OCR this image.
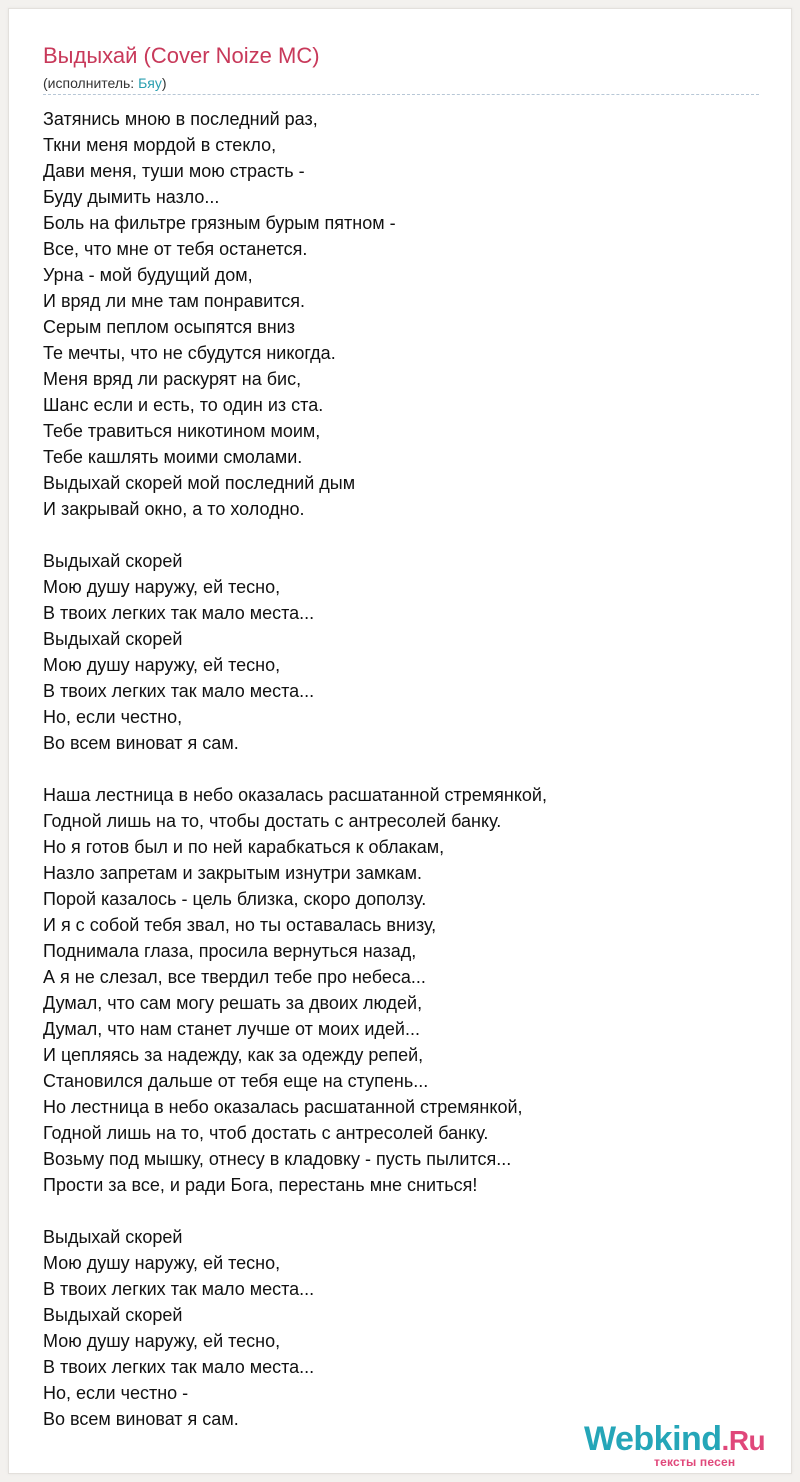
Выдыхай (Cover Noize MC)
(исполнитель: Бяу)
Затянись мною в последний раз,
Ткни меня мордой в стекло,
Дави меня, туши мою страсть -
Буду дымить назло...
Боль на фильтре грязным бурым пятном -
Все, что мне от тебя останется.
Урна - мой будущий дом,
И вряд ли мне там понравится.
Серым пеплом осыпятся вниз
Те мечты, что не сбудутся никогда.
Меня вряд ли раскурят на бис,
Шанс если и есть, то один из ста.
Тебе травиться никотином моим,
Тебе кашлять моими смолами.
Выдыхай скорей мой последний дым
И закрывай окно, а то холодно.
Выдыхай скорей
Мою душу наружу, ей тесно,
В твоих легких так мало места...
Выдыхай скорей
Мою душу наружу, ей тесно,
В твоих легких так мало места...
Но, если честно,
Во всем виноват я сам.
Наша лестница в небо оказалась расшатанной стремянкой,
Годной лишь на то, чтобы достать с антресолей банку.
Но я готов был и по ней карабкаться к облакам,
Назло запретам и закрытым изнутри замкам.
Порой казалось - цель близка, скоро доползу.
И я с собой тебя звал, но ты оставалась внизу,
Поднимала глаза, просила вернуться назад,
А я не слезал, все твердил тебе про небеса...
Думал, что сам могу решать за двоих людей,
Думал, что нам станет лучше от моих идей...
И цепляясь за надежду, как за одежду репей,
Становился дальше от тебя еще на ступень...
Но лестница в небо оказалась расшатанной стремянкой,
Годной лишь на то, чтоб достать с антресолей банку.
Возьму под мышку, отнесу в кладовку - пусть пылится...
Прости за все, и ради Бога, перестань мне сниться!
Выдыхай скорей
Мою душу наружу, ей тесно,
В твоих легких так мало места...
Выдыхай скорей
Мою душу наружу, ей тесно,
В твоих легких так мало места...
Но, если честно -
Во всем виноват я сам.
Webkind.Ru
тексты песен
